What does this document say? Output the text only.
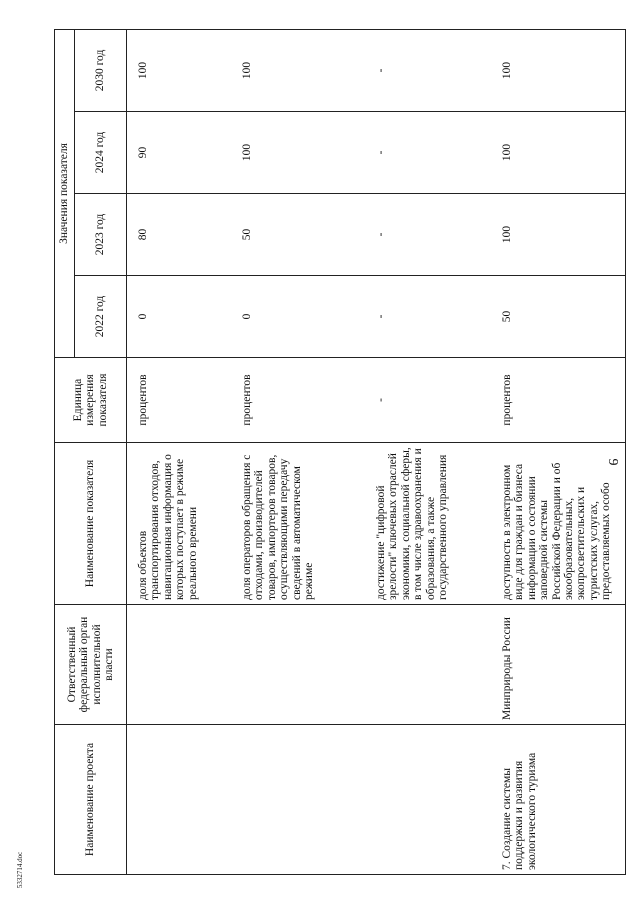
9
5332714.doc
Наименование проекта	Ответственный федеральный орган исполнительной власти	Наименование показателя	Единица измерения показателя	Значения показателя			
				2022 год	2023 год	2024 год	2030 год
		доля объектов транспортирования отходов, навигационная информация о которых поступает в режиме реального времени	процентов	0	80	90	100
		доля операторов обращения с отходами, производителей товаров, импортеров товаров, осуществляющими передачу сведений в автоматическом режиме	процентов	0	50	100	100
		достижение "цифровой зрелости" ключевых отраслей экономики, социальной сферы, в том числе здравоохранения и образования, а также государственного управления	-	-	-	-	-
7. Создание системы поддержки и развития экологического туризма	Минприроды России	доступность в электронном виде для граждан и бизнеса информации о состоянии заповедной системы Российской Федерации и об экообразовательных, экопросветительских и туристских услугах, предоставляемых особо	процентов	50	100	100	100
